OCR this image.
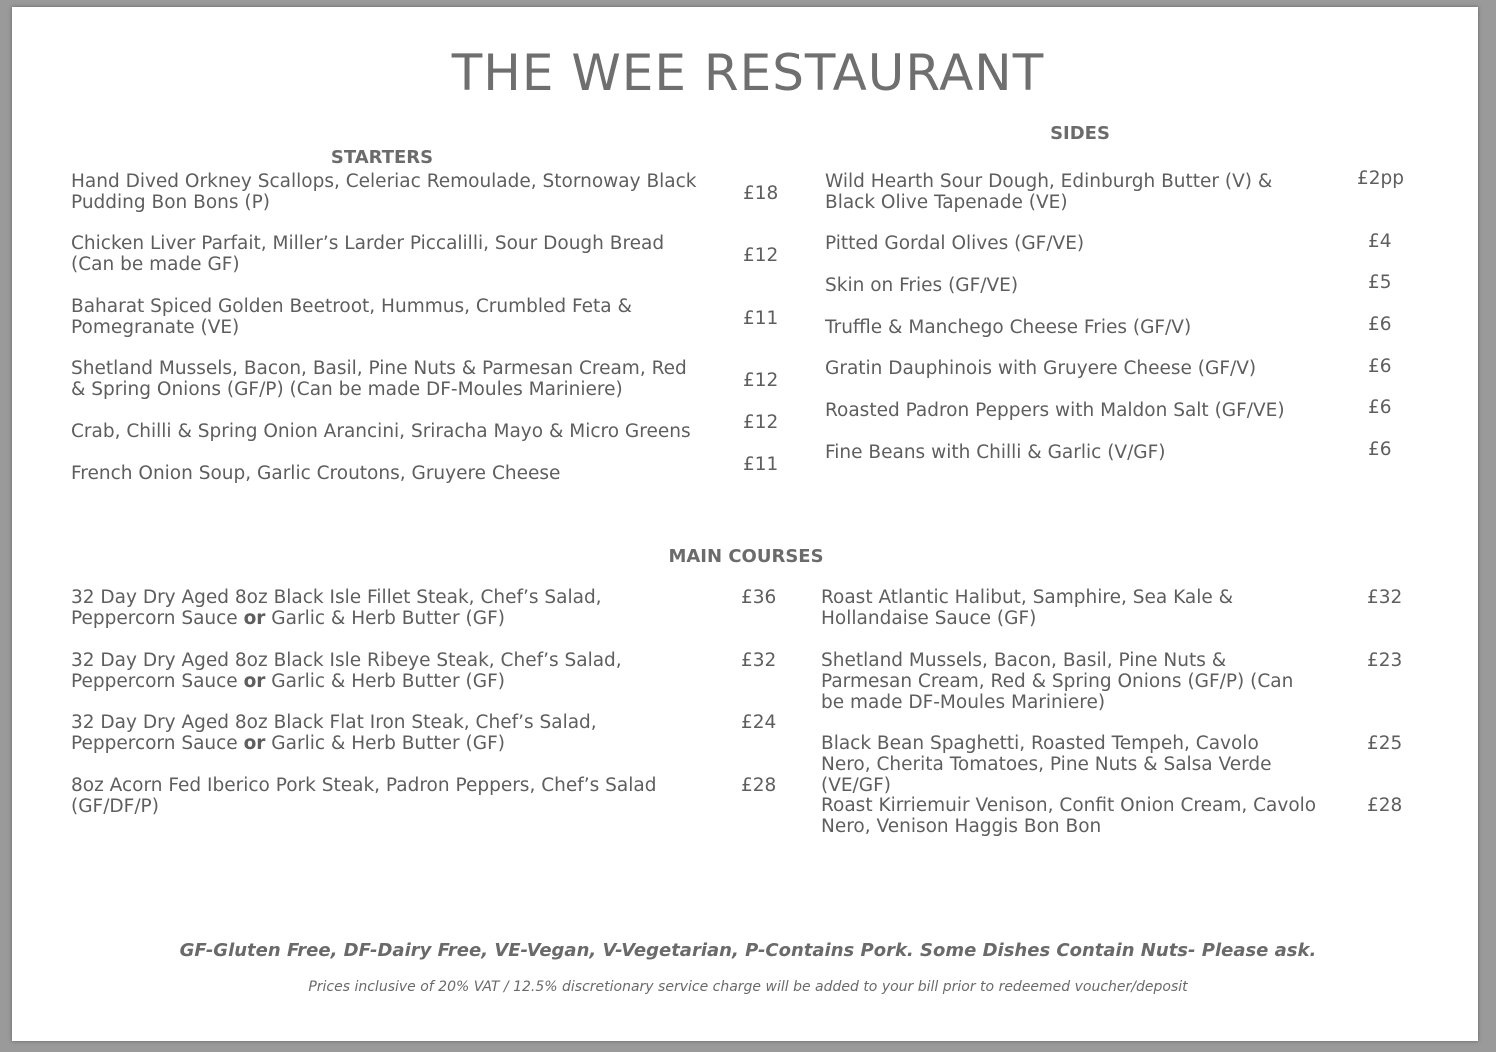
THE WEE RESTAURANT
STARTERS
Hand Dived Orkney Scallops, Celeriac Remoulade, Stornoway Black Pudding Bon Bons (P)	£18
Chicken Liver Parfait, Miller’s Larder Piccalilli, Sour Dough Bread (Can be made GF)	£12
Baharat Spiced Golden Beetroot, Hummus, Crumbled Feta & Pomegranate (VE)	£11
Shetland Mussels, Bacon, Basil, Pine Nuts & Parmesan Cream, Red & Spring Onions (GF/P) (Can be made DF-Moules Mariniere)	£12
Crab, Chilli & Spring Onion Arancini, Sriracha Mayo & Micro Greens	£12
French Onion Soup, Garlic Croutons, Gruyere Cheese	£11
SIDES
Wild Hearth Sour Dough, Edinburgh Butter (V) & Black Olive Tapenade (VE)
£2pp
Pitted Gordal Olives (GF/VE)	£4
Skin on Fries (GF/VE)	£5
Truffle & Manchego Cheese Fries (GF/V)	£6
Gratin Dauphinois with Gruyere Cheese (GF/V)	£6
Roasted Padron Peppers with Maldon Salt (GF/VE)	£6
Fine Beans with Chilli & Garlic (V/GF)	£6
MAIN COURSES
32 Day Dry Aged 8oz Black Isle Fillet Steak, Chef’s Salad, Peppercorn Sauce or Garlic & Herb Butter (GF)
£36
32 Day Dry Aged 8oz Black Isle Ribeye Steak, Chef’s Salad, Peppercorn Sauce or Garlic & Herb Butter (GF)
£32
32 Day Dry Aged 8oz Black Flat Iron Steak, Chef’s Salad, Peppercorn Sauce or Garlic & Herb Butter (GF)
£24
8oz Acorn Fed Iberico Pork Steak, Padron Peppers, Chef’s Salad (GF/DF/P)
£28
Roast Atlantic Halibut, Samphire, Sea Kale & Hollandaise Sauce (GF)
£32
Shetland Mussels, Bacon, Basil, Pine Nuts & Parmesan Cream, Red & Spring Onions (GF/P) (Can be made DF-Moules Mariniere)
£23
Black Bean Spaghetti, Roasted Tempeh, Cavolo Nero, Cherita Tomatoes, Pine Nuts & Salsa Verde (VE/GF)
£25
Roast Kirriemuir Venison, Confit Onion Cream, Cavolo Nero, Venison Haggis Bon Bon
£28
GF-Gluten Free, DF-Dairy Free, VE-Vegan, V-Vegetarian, P-Contains Pork. Some Dishes Contain Nuts- Please ask.
Prices inclusive of 20% VAT / 12.5% discretionary service charge will be added to your bill prior to redeemed voucher/deposit
